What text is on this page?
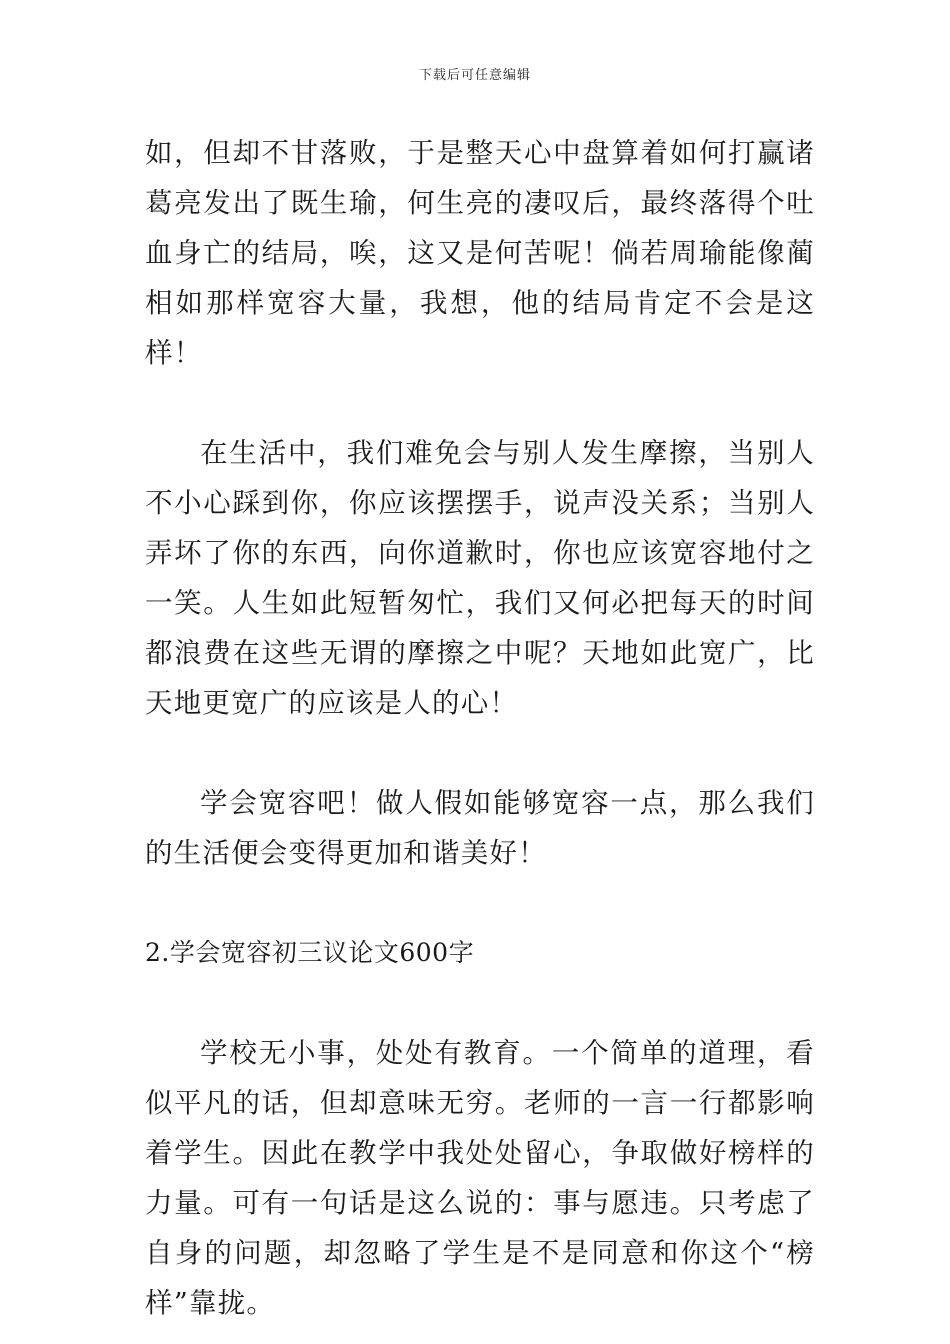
下载后可任意编辑

如，但却不甘落败，于是整天心中盘算着如何打赢诸葛亮发出了既生瑜，何生亮的凄叹后，最终落得个吐 血身亡的结局，唉，这又是何苦呢！倘若周瑜能像蔺相如那样宽容大量，我想，他的结局肯定不会是这样！

在生活中，我们难免会与别人发生摩擦，当别人不小心踩到你，你应该摆摆手，说声没关系；当别人弄坏了你的东西，向你道歉时，你也应该宽容地付之一笑。人生如此短暂匆忙，我们又何必把每天的时间都浪费在这些无谓的摩擦之中呢？天地如此宽广，比天地更宽广的应该是人的心！

学会宽容吧！做人假如能够宽容一点，那么我们的生活便会变得更加和谐美好！

2.学会宽容初三议论文600字

学校无小事，处处有教育。一个简单的道理，看似平凡的话，但却意味无穷。老师的一言一行都影响着学生。因此在教学中我处处留心，争取做好榜样的力量。可有一句话是这么说的：事与愿违。只考虑了自身的问题，却忽略了学生是不是同意和你这个“榜样”靠拢。
